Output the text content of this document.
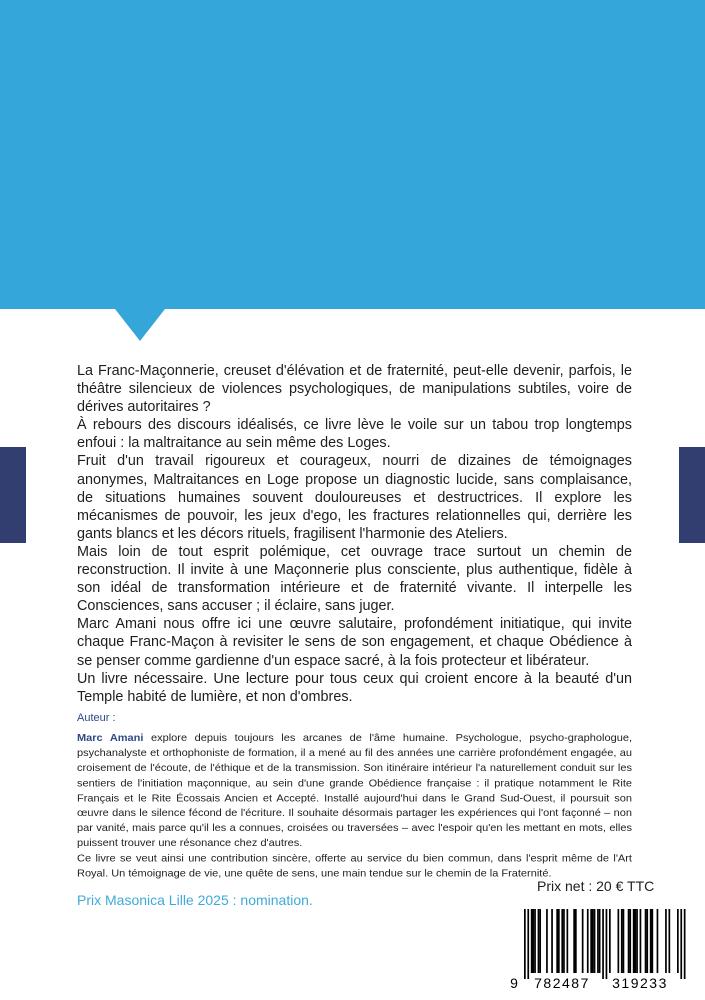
La Franc-Maçonnerie, creuset d'élévation et de fraternité, peut-elle devenir, parfois, le théâtre silencieux de violences psychologiques, de manipulations subtiles, voire de dérives autoritaires ?

À rebours des discours idéalisés, ce livre lève le voile sur un tabou trop longtemps enfoui : la maltraitance au sein même des Loges.

Fruit d'un travail rigoureux et courageux, nourri de dizaines de témoignages anonymes, Maltraitances en Loge propose un diagnostic lucide, sans complaisance, de situations humaines souvent douloureuses et destructrices. Il explore les mécanismes de pouvoir, les jeux d'ego, les fractures relationnelles qui, derrière les gants blancs et les décors rituels, fragilisent l'harmonie des Ateliers.

Mais loin de tout esprit polémique, cet ouvrage trace surtout un chemin de reconstruction. Il invite à une Maçonnerie plus consciente, plus authentique, fidèle à son idéal de transformation intérieure et de fraternité vivante. Il interpelle les Consciences, sans accuser ; il éclaire, sans juger.

Marc Amani nous offre ici une œuvre salutaire, profondément initiatique, qui invite chaque Franc-Maçon à revisiter le sens de son engagement, et chaque Obédience à se penser comme gardienne d'un espace sacré, à la fois protecteur et libérateur.

Un livre nécessaire. Une lecture pour tous ceux qui croient encore à la beauté d'un Temple habité de lumière, et non d'ombres.

Auteur :

Marc Amani explore depuis toujours les arcanes de l'âme humaine. Psychologue, psycho-graphologue, psychanalyste et orthophoniste de formation, il a mené au fil des années une carrière profondément engagée, au croisement de l'écoute, de l'éthique et de la transmission. Son itinéraire intérieur l'a naturellement conduit sur les sentiers de l'initiation maçonnique, au sein d'une grande Obédience française : il pratique notamment le Rite Français et le Rite Écossais Ancien et Accepté. Installé aujourd'hui dans le Grand Sud-Ouest, il poursuit son œuvre dans le silence fécond de l'écriture. Il souhaite désormais partager les expériences qui l'ont façonné – non par vanité, mais parce qu'il les a connues, croisées ou traversées – avec l'espoir qu'en les mettant en mots, elles puissent trouver une résonance chez d'autres.

Ce livre se veut ainsi une contribution sincère, offerte au service du bien commun, dans l'esprit même de l'Art Royal. Un témoignage de vie, une quête de sens, une main tendue sur le chemin de la Fraternité.

Prix Masonica Lille 2025 : nomination.
Prix net : 20 € TTC
9 782487 319233
